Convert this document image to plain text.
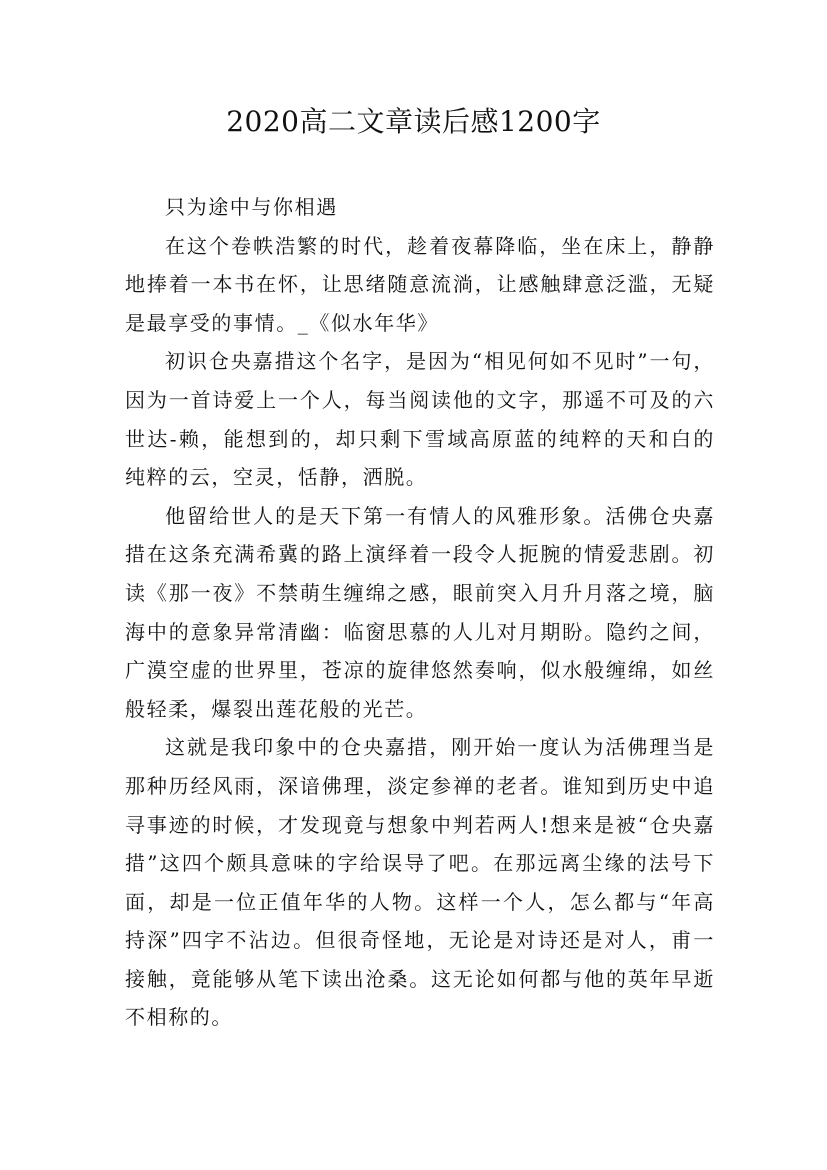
2020高二文章读后感1200字

只为途中与你相遇

在这个卷帙浩繁的时代，趁着夜幕降临，坐在床上，静静地捧着一本书在怀，让思绪随意流淌，让感触肆意泛滥，无疑是最享受的事情。_《似水年华》

初识仓央嘉措这个名字，是因为“相见何如不见时”一句，因为一首诗爱上一个人，每当阅读他的文字，那遥不可及的六世达-赖，能想到的，却只剩下雪域高原蓝的纯粹的天和白的纯粹的云，空灵，恬静，洒脱。

他留给世人的是天下第一有情人的风雅形象。活佛仓央嘉措在这条充满希冀的路上演绎着一段令人扼腕的情爱悲剧。初读《那一夜》不禁萌生缠绵之感，眼前突入月升月落之境，脑海中的意象异常清幽：临窗思慕的人儿对月期盼。隐约之间，广漠空虚的世界里，苍凉的旋律悠然奏响，似水般缠绵，如丝般轻柔，爆裂出莲花般的光芒。

这就是我印象中的仓央嘉措，刚开始一度认为活佛理当是那种历经风雨，深谙佛理，淡定参禅的老者。谁知到历史中追寻事迹的时候，才发现竟与想象中判若两人!想来是被“仓央嘉措”这四个颇具意味的字给误导了吧。在那远离尘缘的法号下面，却是一位正值年华的人物。这样一个人，怎么都与“年高持深”四字不沾边。但很奇怪地，无论是对诗还是对人，甫一接触，竟能够从笔下读出沧桑。这无论如何都与他的英年早逝不相称的。
